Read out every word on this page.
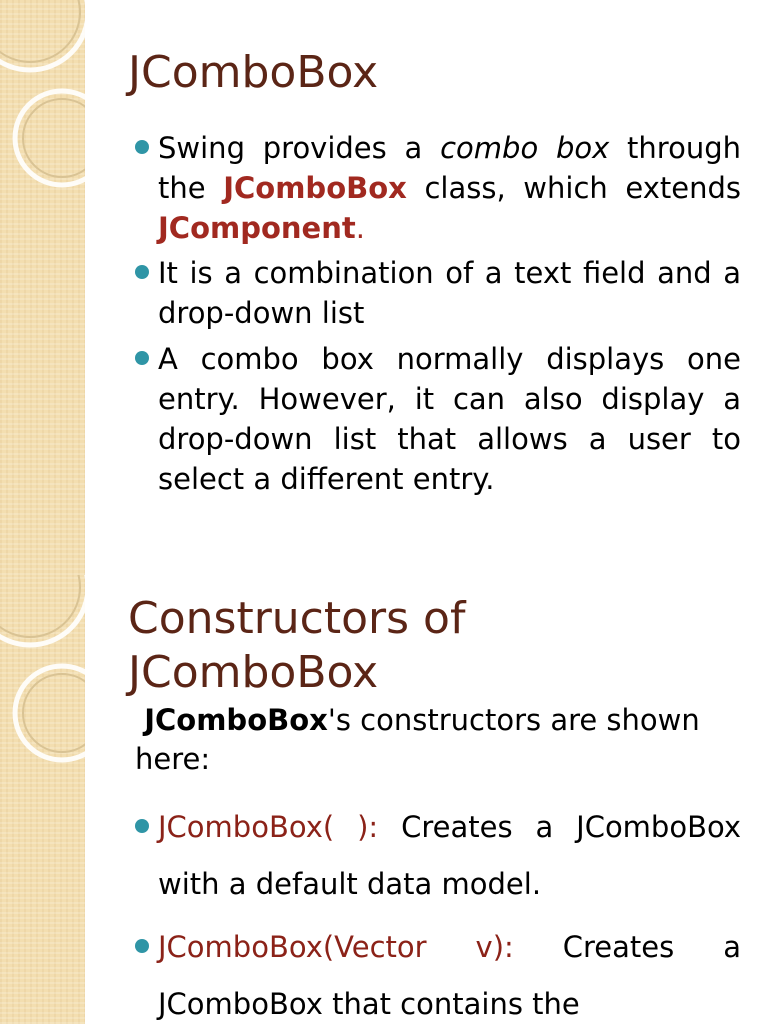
JComboBox
Swing provides a combo box through the JComboBox class, which extends JComponent.
It is a combination of a text field and a drop-down list
A combo box normally displays one entry. However, it can also display a drop-down list that allows a user to select a different entry.
Constructors of
JComboBox

JComboBox's constructors are shown here:

JComboBox( ): Creates a JComboBox with a default data model.
JComboBox(Vector v): Creates a JComboBox that contains the
